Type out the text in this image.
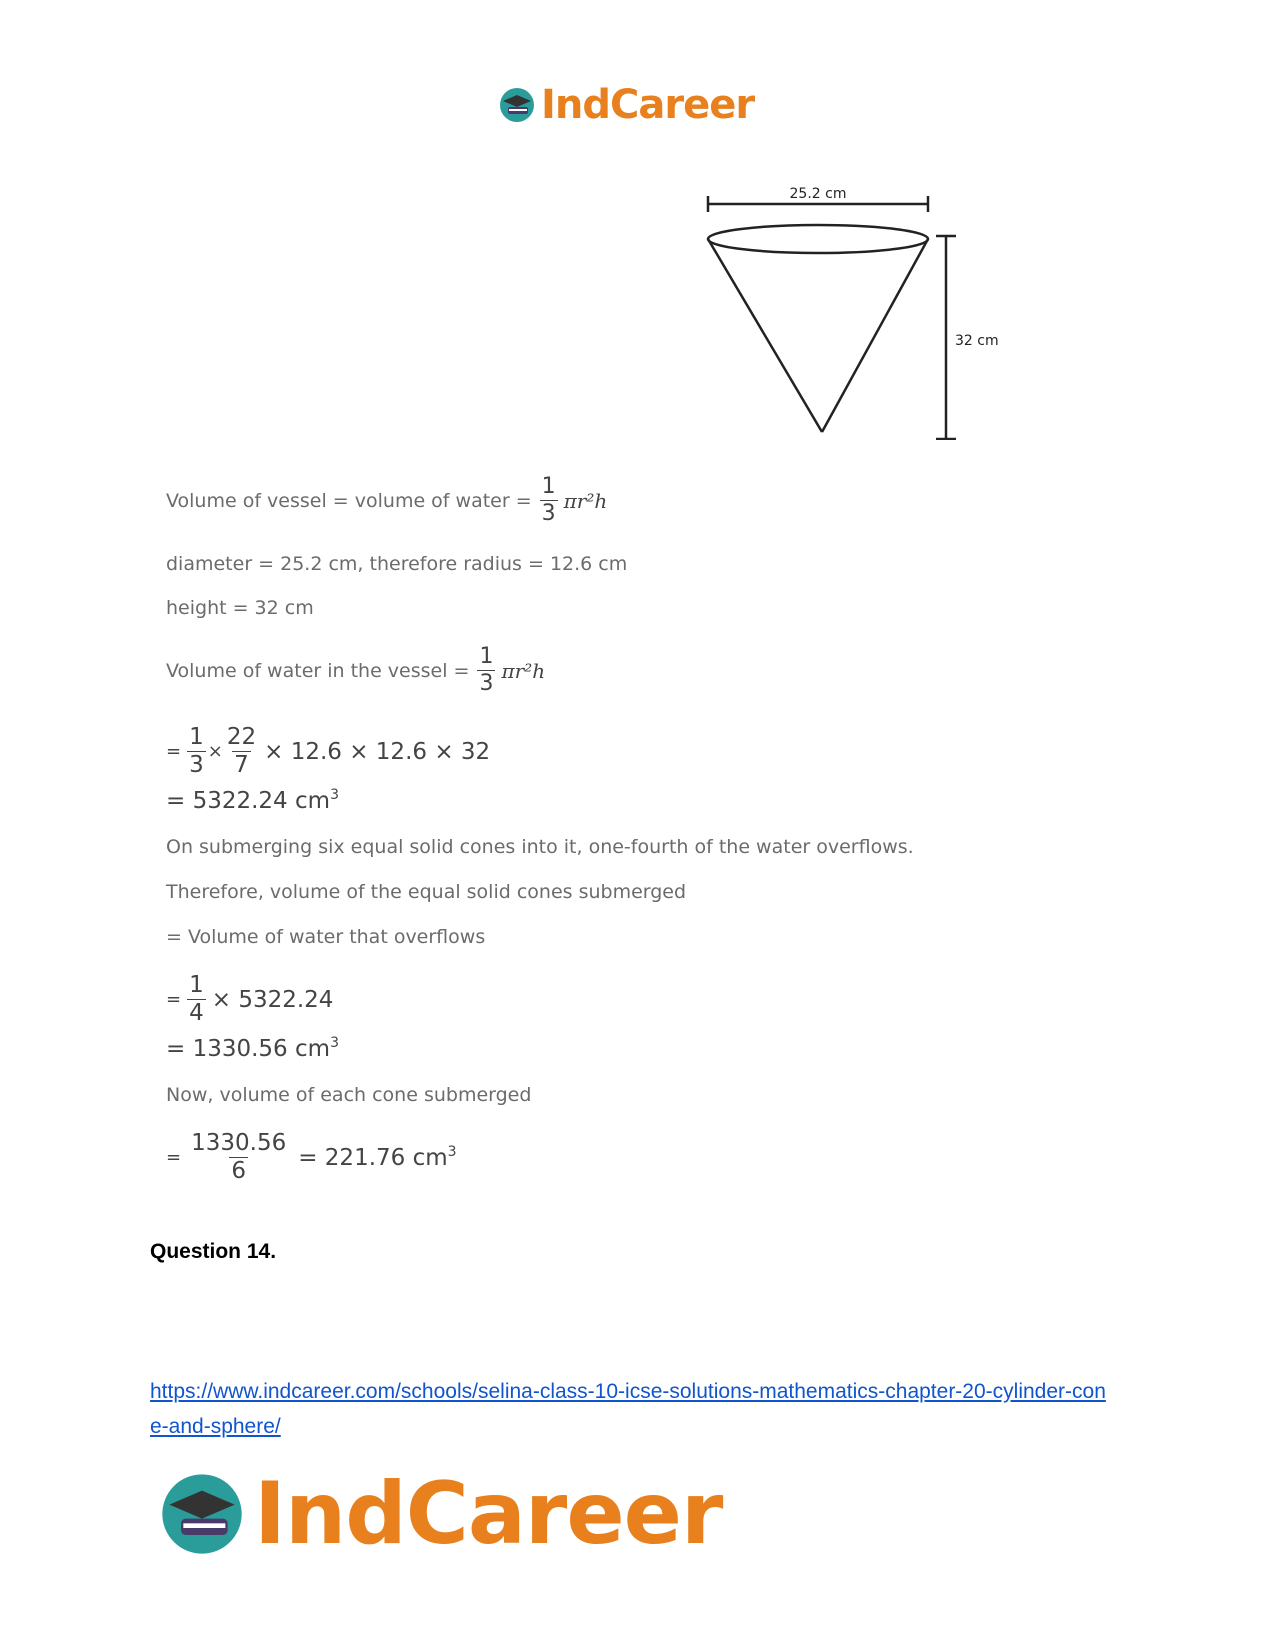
IndCareer
25.2 cm
32 cm
Volume of vessel = volume of water = $\frac{1}{3} \pi r^2h$
diameter = 25.2 cm, therefore radius = 12.6 cm
height = 32 cm
Volume of water in the vessel = $\frac{1}{3} \pi r^2h$
= $\frac{1}{3} \times \frac{22}{7} \times 12.6 \times 12.6 \times 32$
= 5322.24 cm 3
On submerging six equal solid cones into it, one-fourth of the water overflows.
Therefore, volume of the equal solid cones submerged
= Volume of water that overflows
= $\frac{1}{4} \times 5322.24$
= 1330.56 cm 3
Now, volume of each cone submerged
= $\frac{1330.56}{6} = 221.76$ cm 3
Question 14.
https://www.indcareer.com/schools/selina-class-10-icse-solutions-mathematics-chapter-20-cylinder-cone-and-sphere/
IndCareer
